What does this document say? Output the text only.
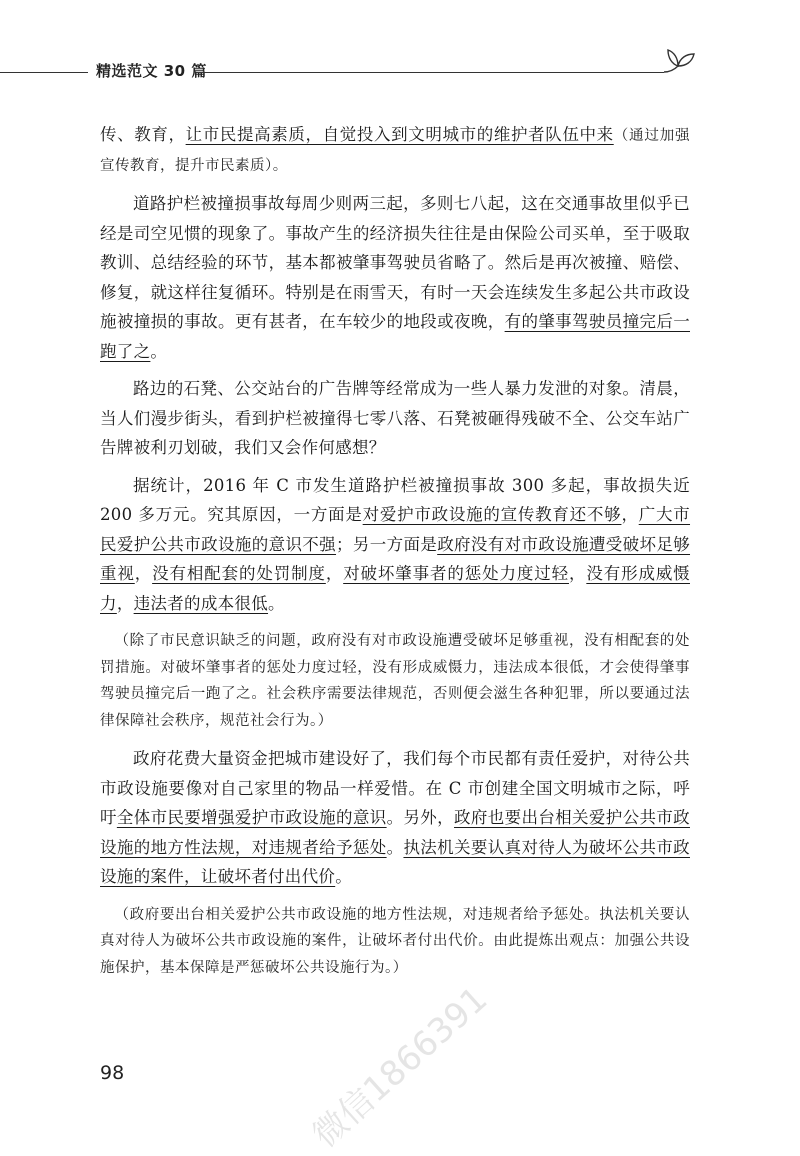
精选范文 30 篇

传、教育，让市民提高素质，自觉投入到文明城市的维护者队伍中来（通过加强宣传教育，提升市民素质）。

道路护栏被撞损事故每周少则两三起，多则七八起，这在交通事故里似乎已经是司空见惯的现象了。事故产生的经济损失往往是由保险公司买单，至于吸取教训、总结经验的环节，基本都被肇事驾驶员省略了。然后是再次被撞、赔偿、修复，就这样往复循环。特别是在雨雪天，有时一天会连续发生多起公共市政设施被撞损的事故。更有甚者，在车较少的地段或夜晚，有的肇事驾驶员撞完后一跑了之。

路边的石凳、公交站台的广告牌等经常成为一些人暴力发泄的对象。清晨，当人们漫步街头，看到护栏被撞得七零八落、石凳被砸得残破不全、公交车站广告牌被利刃划破，我们又会作何感想？

据统计，2016 年 C 市发生道路护栏被撞损事故 300 多起，事故损失近 200 多万元。究其原因，一方面是对爱护市政设施的宣传教育还不够，广大市民爱护公共市政设施的意识不强；另一方面是政府没有对市政设施遭受破坏足够重视，没有相配套的处罚制度，对破坏肇事者的惩处力度过轻，没有形成威慑力，违法者的成本很低。

（除了市民意识缺乏的问题，政府没有对市政设施遭受破坏足够重视，没有相配套的处罚措施。对破坏肇事者的惩处力度过轻，没有形成威慑力，违法成本很低，才会使得肇事驾驶员撞完后一跑了之。社会秩序需要法律规范，否则便会滋生各种犯罪，所以要通过法律保障社会秩序，规范社会行为。）

政府花费大量资金把城市建设好了，我们每个市民都有责任爱护，对待公共市政设施要像对自己家里的物品一样爱惜。在 C 市创建全国文明城市之际，呼吁全体市民要增强爱护市政设施的意识。另外，政府也要出台相关爱护公共市政设施的地方性法规，对违规者给予惩处。执法机关要认真对待人为破坏公共市政设施的案件，让破坏者付出代价。

（政府要出台相关爱护公共市政设施的地方性法规，对违规者给予惩处。执法机关要认真对待人为破坏公共市政设施的案件，让破坏者付出代价。由此提炼出观点：加强公共设施保护，基本保障是严惩破坏公共设施行为。）

98	微信1866391
